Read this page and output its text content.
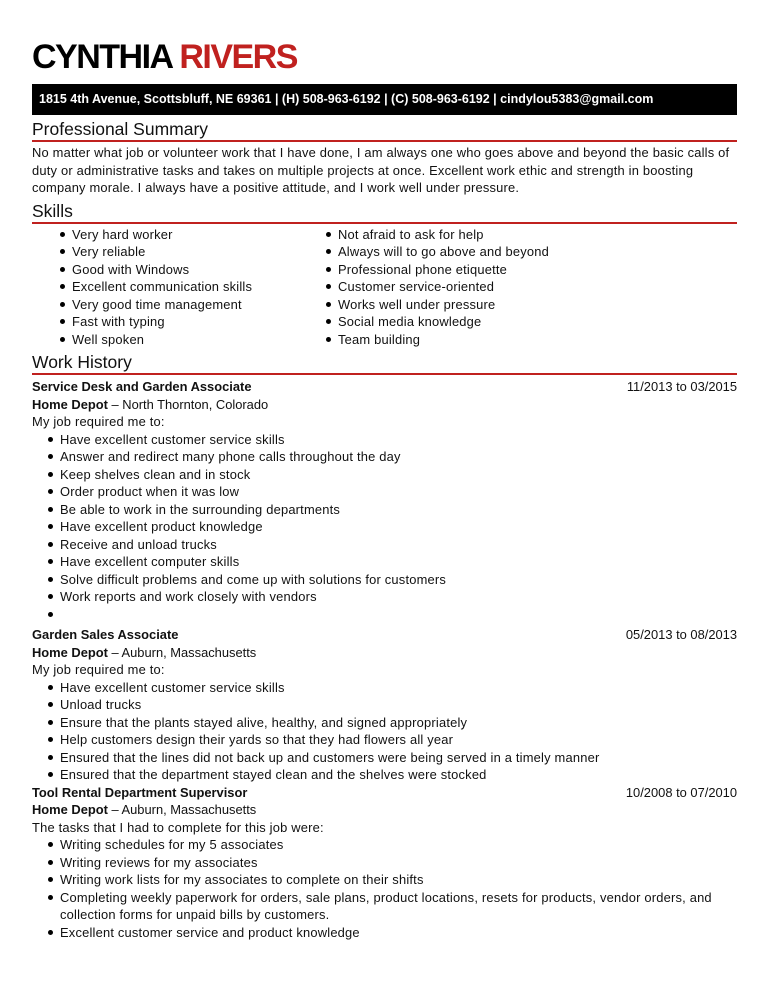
CYNTHIA RIVERS
1815 4th Avenue, Scottsbluff, NE 69361 | (H) 508-963-6192 | (C) 508-963-6192 | cindylou5383@gmail.com
Professional Summary

No matter what job or volunteer work that I have done, I am always one who goes above and beyond the basic calls of duty or administrative tasks and takes on multiple projects at once. Excellent work ethic and strength in boosting company morale. I always have a positive attitude, and I work well under pressure.

Skills
Very hard worker
Very reliable
Good with Windows
Excellent communication skills
Very good time management
Fast with typing
Well spoken
Not afraid to ask for help
Always will to go above and beyond
Professional phone etiquette
Customer service-oriented
Works well under pressure
Social media knowledge
Team building
Work History
Service Desk and Garden Associate	11/2013 to 03/2015
Home Depot – North Thornton, Colorado
My job required me to:
Have excellent customer service skills
Answer and redirect many phone calls throughout the day
Keep shelves clean and in stock
Order product when it was low
Be able to work in the surrounding departments
Have excellent product knowledge
Receive and unload trucks
Have excellent computer skills
Solve difficult problems and come up with solutions for customers
Work reports and work closely with vendors
Garden Sales Associate	05/2013 to 08/2013
Home Depot – Auburn, Massachusetts
My job required me to:
Have excellent customer service skills
Unload trucks
Ensure that the plants stayed alive, healthy, and signed appropriately
Help customers design their yards so that they had flowers all year
Ensured that the lines did not back up and customers were being served in a timely manner
Ensured that the department stayed clean and the shelves were stocked
Tool Rental Department Supervisor	10/2008 to 07/2010
Home Depot – Auburn, Massachusetts
The tasks that I had to complete for this job were:
Writing schedules for my 5 associates
Writing reviews for my associates
Writing work lists for my associates to complete on their shifts
Completing weekly paperwork for orders, sale plans, product locations, resets for products, vendor orders, and collection forms for unpaid bills by customers.
Excellent customer service and product knowledge
